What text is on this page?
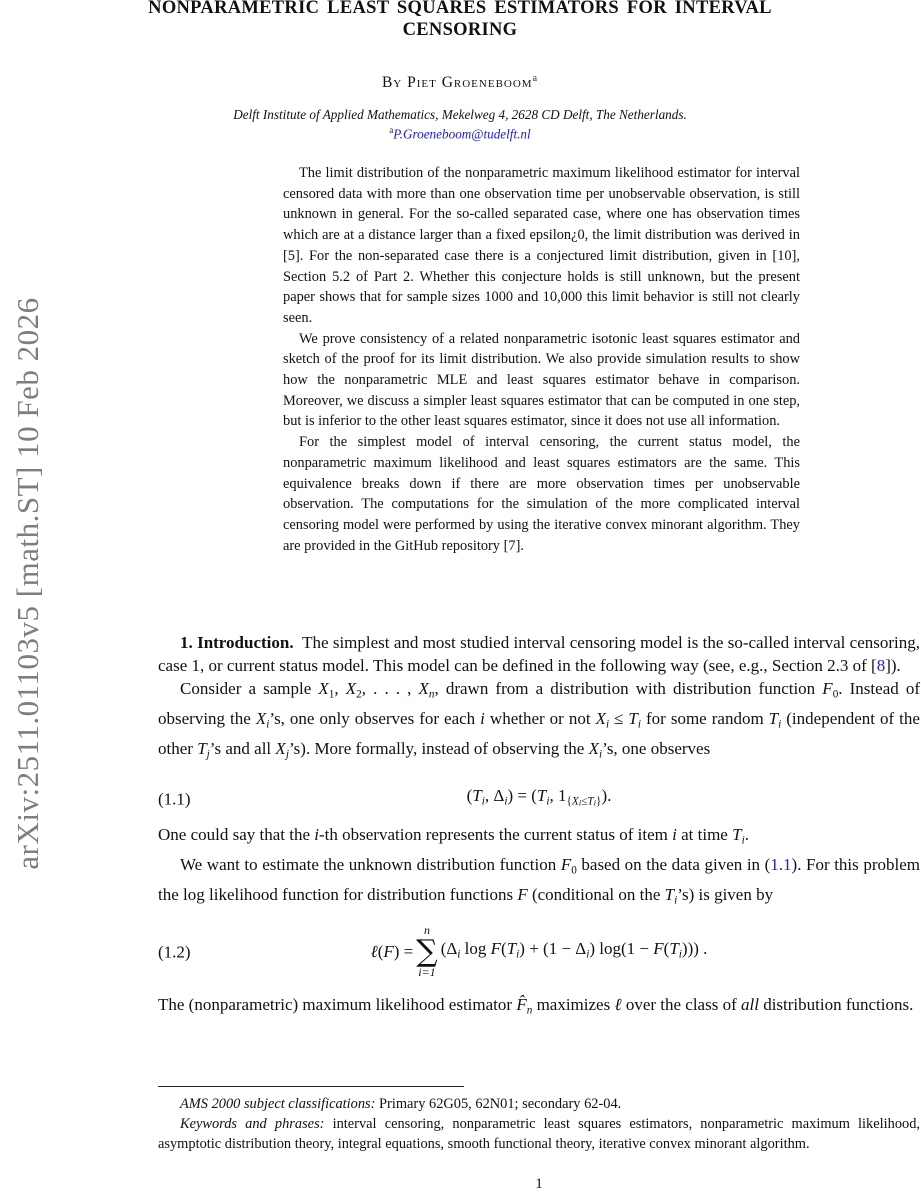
arXiv:2511.01103v5 [math.ST] 10 Feb 2026
NONPARAMETRIC LEAST SQUARES ESTIMATORS FOR INTERVAL
CENSORING
By Piet Groeneboom$^a$
Delft Institute of Applied Mathematics, Mekelweg 4, 2628 CD Delft, The Netherlands.
$^a$P.Groeneboom@tudelft.nl

The limit distribution of the nonparametric maximum likelihood estimator for interval censored data with more than one observation time per unobservable observation, is still unknown in general. For the so-called separated case, where one has observation times which are at a distance larger than a fixed epsilon¿0, the limit distribution was derived in [5]. For the non-separated case there is a conjectured limit distribution, given in [10], Section 5.2 of Part 2. Whether this conjecture holds is still unknown, but the present paper shows that for sample sizes 1000 and 10,000 this limit behavior is still not clearly seen.

We prove consistency of a related nonparametric isotonic least squares estimator and sketch of the proof for its limit distribution. We also provide simulation results to show how the nonparametric MLE and least squares estimator behave in comparison. Moreover, we discuss a simpler least squares estimator that can be computed in one step, but is inferior to the other least squares estimator, since it does not use all information.

For the simplest model of interval censoring, the current status model, the nonparametric maximum likelihood and least squares estimators are the same. This equivalence breaks down if there are more observation times per unobservable observation. The computations for the simulation of the more complicated interval censoring model were performed by using the iterative convex minorant algorithm. They are provided in the GitHub repository [7].

1. Introduction. The simplest and most studied interval censoring model is the so-called interval censoring, case 1, or current status model. This model can be defined in the following way (see, e.g., Section 2.3 of [8]).

Consider a sample $X_1$, $X_2$, . . . , $X_n$, drawn from a distribution with distribution function $F_0$. Instead of observing the $X_i’s$, one only observes for each i whether or not $X_i \le T_i$ for some random $T_i$ (independent of the other $T_j’s$ and all $X_j’s$). More formally, instead of observing the $X_i’s$, one observes

(1.1)	($T_i$, $\Delta_i) = (T_i$, $1_{\{Xi\le Ti\}}$).

One could say that the i-th observation represents the current status of item i at time $T_i$.

We want to estimate the unknown distribution function $F_0$ based on the data given in (1.1). For this problem the log likelihood function for distribution functions F (conditional on the $T_i’s$) is given by

(1.2)	ℓ(F) =
n
∑
i=1
($\Delta_i$ $\log F(T_i) + (1 - \Delta_i) \log(1 - F(T_i))$) .

The (nonparametric) maximum likelihood estimator $F̂_n$ maximizes ℓ over the class of all distribution functions.

AMS 2000 subject classifications: Primary 62G05, 62N01; secondary 62-04.

Keywords and phrases: interval censoring, nonparametric least squares estimators, nonparametric maximum likelihood, asymptotic distribution theory, integral equations, smooth functional theory, iterative convex minorant algorithm.

1
